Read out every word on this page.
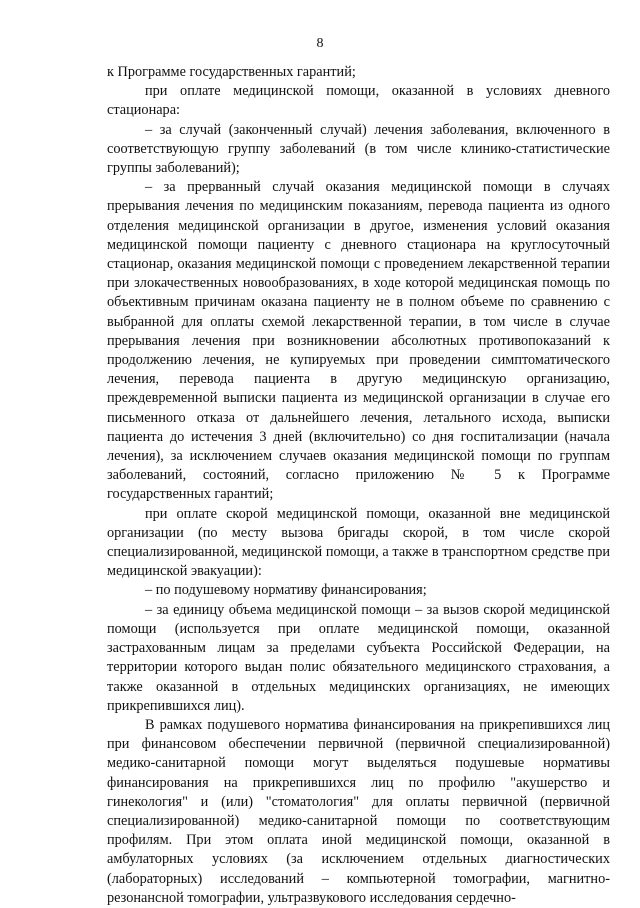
8

к Программе государственных гарантий;

при оплате медицинской помощи, оказанной в условиях дневного стационара:

– за случай (законченный случай) лечения заболевания, включенного в соответствующую группу заболеваний (в том числе клинико-статистические группы заболеваний);

– за прерванный случай оказания медицинской помощи в случаях прерывания лечения по медицинским показаниям, перевода пациента из одного отделения медицинской организации в другое, изменения условий оказания медицинской помощи пациенту с дневного стационара на круглосуточный стационар, оказания медицинской помощи с проведением лекарственной терапии при злокачественных новообразованиях, в ходе которой медицинская помощь по объективным причинам оказана пациенту не в полном объеме по сравнению с выбранной для оплаты схемой лекарственной терапии, в том числе в случае прерывания лечения при возникновении абсолютных противопоказаний к продолжению лечения, не купируемых при проведении симптоматического лечения, перевода пациента в другую медицинскую организацию, преждевременной выписки пациента из медицинской организации в случае его письменного отказа от дальнейшего лечения, летального исхода, выписки пациента до истечения 3 дней (включительно) со дня госпитализации (начала лечения), за исключением случаев оказания медицинской помощи по группам заболеваний, состояний, согласно приложению № 5 к Программе государственных гарантий;

при оплате скорой медицинской помощи, оказанной вне медицинской организации (по месту вызова бригады скорой, в том числе скорой специализированной, медицинской помощи, а также в транспортном средстве при медицинской эвакуации):

– по подушевому нормативу финансирования;

– за единицу объема медицинской помощи – за вызов скорой медицинской помощи (используется при оплате медицинской помощи, оказанной застрахованным лицам за пределами субъекта Российской Федерации, на территории которого выдан полис обязательного медицинского страхования, а также оказанной в отдельных медицинских организациях, не имеющих прикрепившихся лиц).

В рамках подушевого норматива финансирования на прикрепившихся лиц при финансовом обеспечении первичной (первичной специализированной) медико-санитарной помощи могут выделяться подушевые нормативы финансирования на прикрепившихся лиц по профилю "акушерство и гинекология" и (или) "стоматология" для оплаты первичной (первичной специализированной) медико-санитарной помощи по соответствующим профилям. При этом оплата иной медицинской помощи, оказанной в амбулаторных условиях (за исключением отдельных диагностических (лабораторных) исследований – компьютерной томографии, магнитно-резонансной томографии, ультразвукового исследования сердечно-
